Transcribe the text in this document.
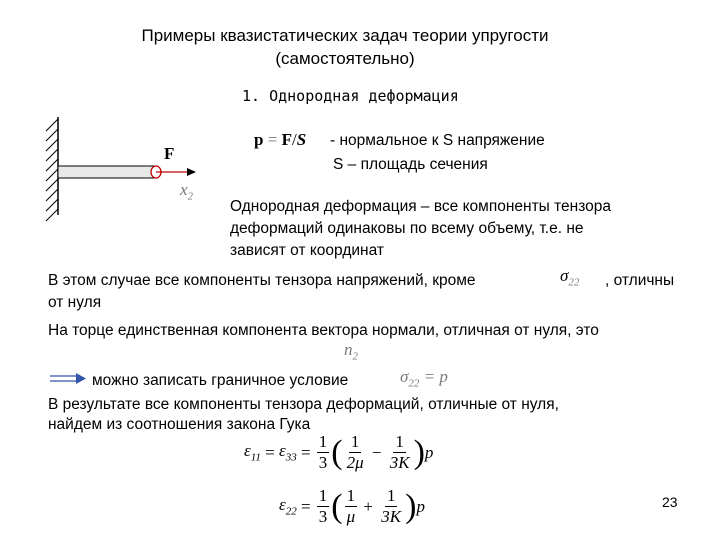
Примеры квазистатических задач теории упругости
(самостоятельно)
1. Однородная деформация
F
$x_2$
p = F/S - нормальное к S напряжение
S – площадь сечения
Однородная деформация – все компоненты тензора
деформаций одинаковы по всему объему, т.е. не
зависят от координат
В этом случае все компоненты тензора напряжений, кроме	$\sigma_{22}$ , отличны
от нуля
На торце единственная компонента вектора нормали, отличная от нуля, это
$n_2$
можно записать граничное условие	$\sigma_{22} = p$
В результате все компоненты тензора деформаций, отличные от нуля,
найдем из соотношения закона Гука
$\varepsilon_{11} = \varepsilon_{33} = \frac{1}{3}$ ( $\frac{1}{2\mu} - \frac{1}{3K}$ ) p
$\varepsilon_{22} = \frac{1}{3}$ ( $\frac{1}{\mu} + \frac{1}{3K}$ ) p	23
